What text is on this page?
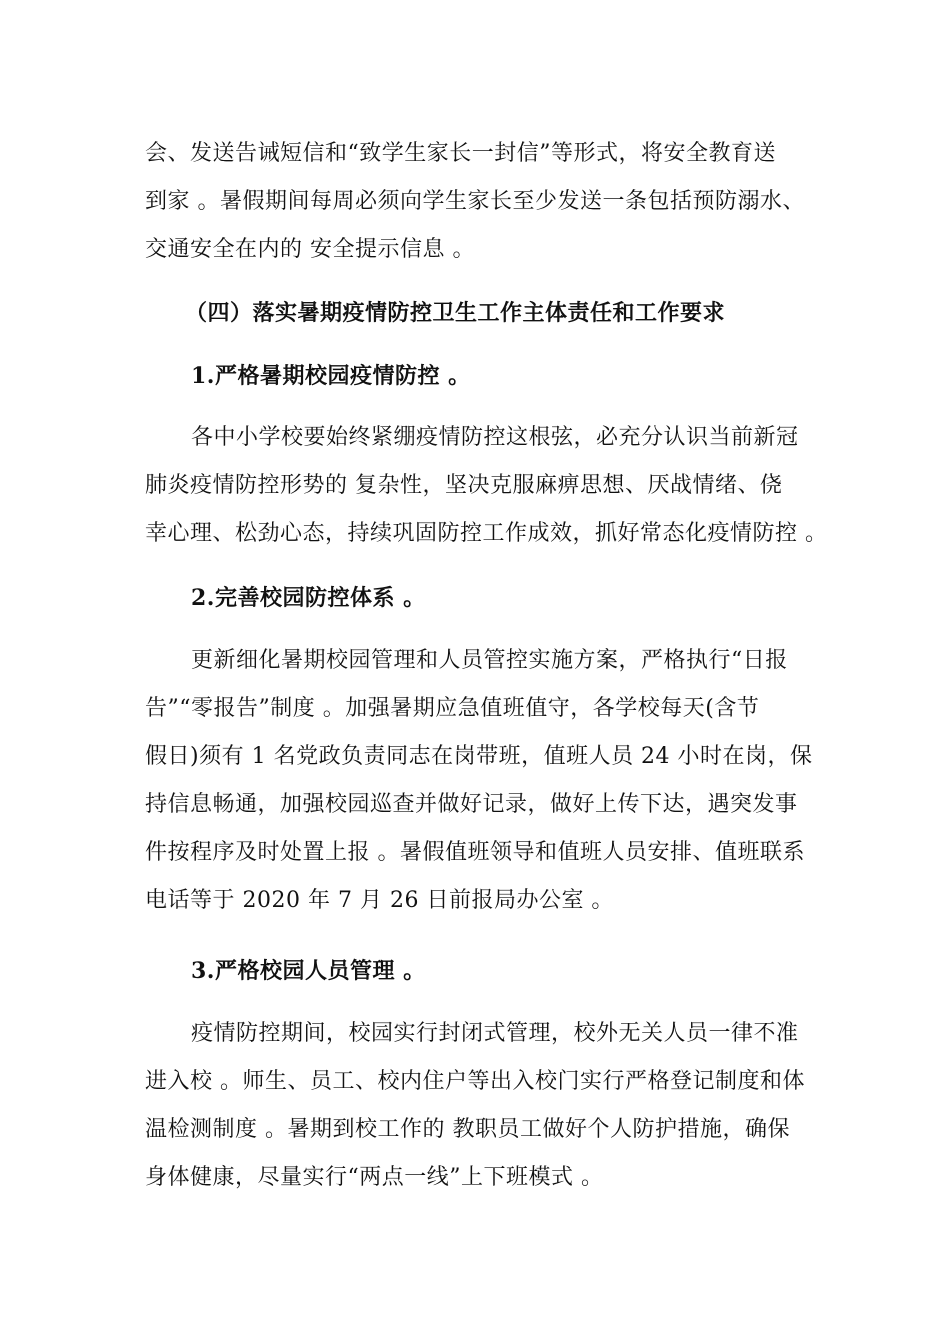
会、发送告诫短信和“致学生家长一封信”等形式，将安全教育送
到家 。暑假期间每周必须向学生家长至少发送一条包括预防溺水、
交通安全在内的 安全提示信息 。
（四）落实暑期疫情防控卫生工作主体责任和工作要求
1.严格暑期校园疫情防控 。
各中小学校要始终紧绷疫情防控这根弦，必充分认识当前新冠
肺炎疫情防控形势的 复杂性，坚决克服麻痹思想、厌战情绪、侥
幸心理、松劲心态，持续巩固防控工作成效，抓好常态化疫情防控 。
2.完善校园防控体系 。
更新细化暑期校园管理和人员管控实施方案，严格执行“日报
告”“零报告”制度 。加强暑期应急值班值守，各学校每天(含节
假日)须有 1 名党政负责同志在岗带班，值班人员 24 小时在岗，保
持信息畅通，加强校园巡查并做好记录，做好上传下达，遇突发事
件按程序及时处置上报 。暑假值班领导和值班人员安排、值班联系
电话等于 2020 年 7 月 26 日前报局办公室 。
3.严格校园人员管理 。
疫情防控期间，校园实行封闭式管理，校外无关人员一律不准
进入校 。师生、员工、校内住户等出入校门实行严格登记制度和体
温检测制度 。暑期到校工作的 教职员工做好个人防护措施，确保
身体健康，尽量实行“两点一线”上下班模式 。
